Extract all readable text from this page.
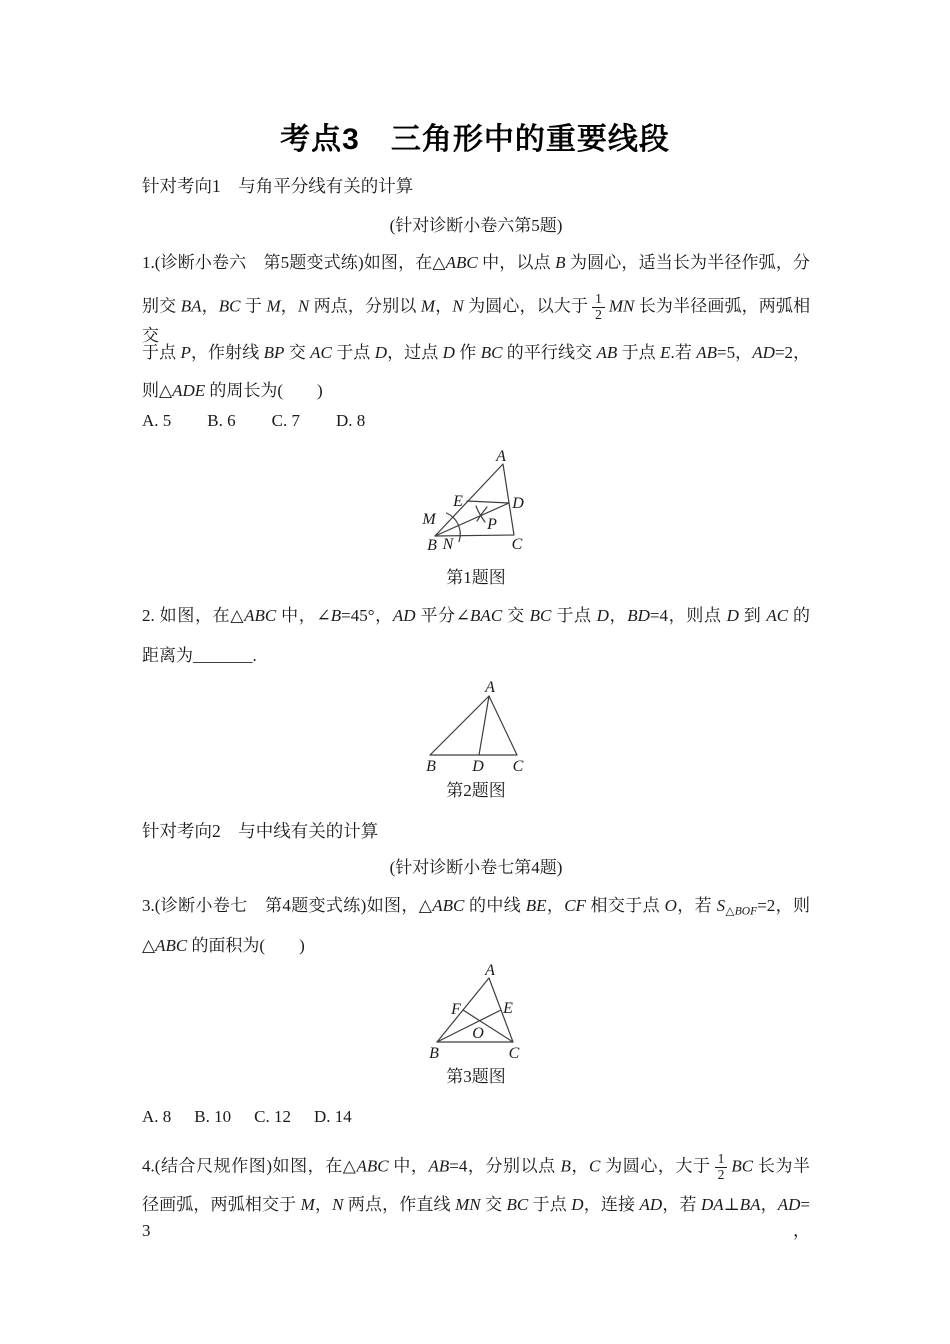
考点3　三角形中的重要线段
针对考向1　与角平分线有关的计算
(针对诊断小卷六第5题)
1.(诊断小卷六　第5题变式练)如图，在△ABC 中，以点 B 为圆心，适当长为半径作弧，分
别交 BA，BC 于 M，N 两点，分别以 M，N 为圆心，以大于 $\frac{1}{2}$ MN 长为半径画弧，两弧相交
于点 P，作射线 BP 交 AC 于点 D，过点 D 作 BC 的平行线交 AB 于点 E.若 AB=5，AD=2，
则△ADE 的周长为(　　)
A. 5 B. 6 C. 7 D. 8
A
E	D
M	P
B N	C
第1题图
2. 如图，在△ABC 中，∠B=45°，AD 平分∠BAC 交 BC 于点 D，BD=4，则点 D 到 AC 的
距离为_______.
A
B D C
第2题图
针对考向2　与中线有关的计算
(针对诊断小卷七第4题)
3.(诊断小卷七　第4题变式练)如图，△ABC 的中线 BE，CF 相交于点 O，若 $S_{\triangle BOF}=2$，则
△ABC 的面积为(　　)
A
F	E
O
B	C
第3题图
A. 8 B. 10 C. 12 D. 14
4.(结合尺规作图)如图，在△ABC 中，AB=4，分别以点 B，C 为圆心，大于 $\frac{1}{2}$ BC 长为半
径画弧，两弧相交于 M，N 两点，作直线 MN 交 BC 于点 D，连接 AD，若 DA⊥BA，AD=3，
